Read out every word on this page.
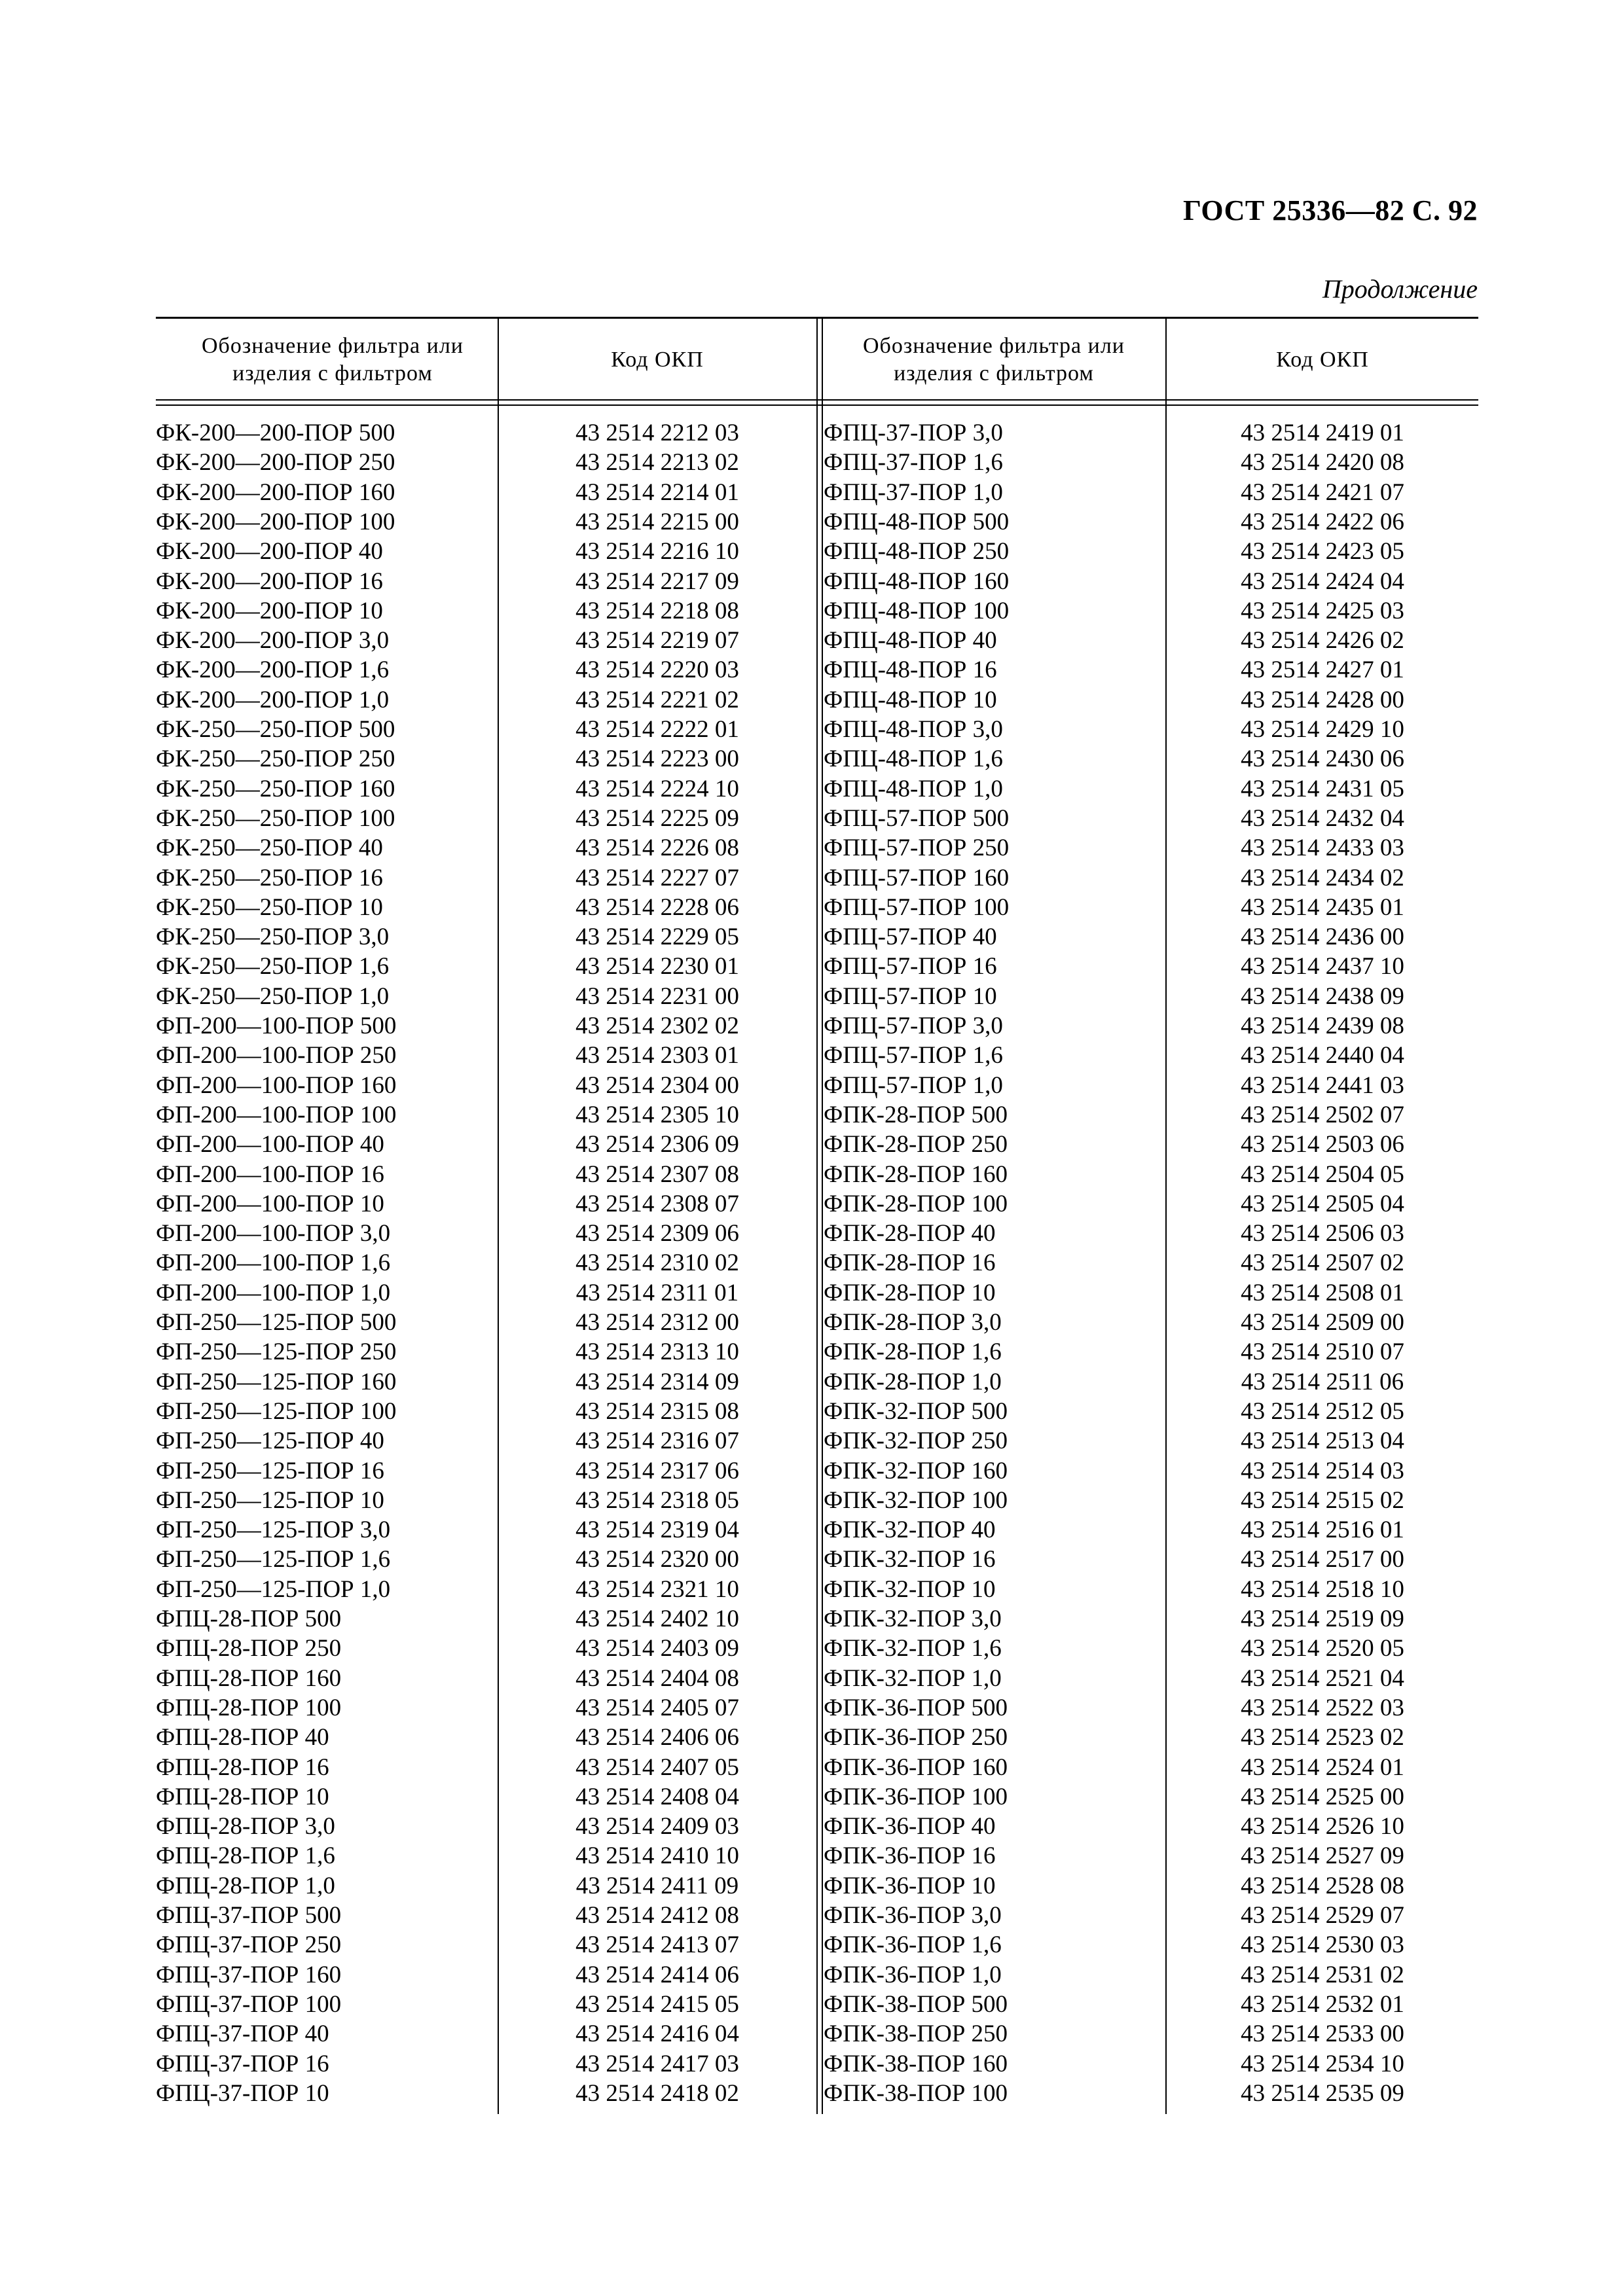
ГОСТ 25336—82 С. 92
Продолжение
Обозначение фильтра или изделия с фильтром
Код ОКП
Обозначение фильтра или изделия с фильтром
Код ОКП
ФК-200—200-ПОР 500	43 2514 2212 03	ФПЦ-37-ПОР 3,0	43 2514 2419 01
ФК-200—200-ПОР 250	43 2514 2213 02	ФПЦ-37-ПОР 1,6	43 2514 2420 08
ФК-200—200-ПОР 160	43 2514 2214 01	ФПЦ-37-ПОР 1,0	43 2514 2421 07
ФК-200—200-ПОР 100	43 2514 2215 00	ФПЦ-48-ПОР 500	43 2514 2422 06
ФК-200—200-ПОР 40	43 2514 2216 10	ФПЦ-48-ПОР 250	43 2514 2423 05
ФК-200—200-ПОР 16	43 2514 2217 09	ФПЦ-48-ПОР 160	43 2514 2424 04
ФК-200—200-ПОР 10	43 2514 2218 08	ФПЦ-48-ПОР 100	43 2514 2425 03
ФК-200—200-ПОР 3,0	43 2514 2219 07	ФПЦ-48-ПОР 40	43 2514 2426 02
ФК-200—200-ПОР 1,6	43 2514 2220 03	ФПЦ-48-ПОР 16	43 2514 2427 01
ФК-200—200-ПОР 1,0	43 2514 2221 02	ФПЦ-48-ПОР 10	43 2514 2428 00
ФК-250—250-ПОР 500	43 2514 2222 01	ФПЦ-48-ПОР 3,0	43 2514 2429 10
ФК-250—250-ПОР 250	43 2514 2223 00	ФПЦ-48-ПОР 1,6	43 2514 2430 06
ФК-250—250-ПОР 160	43 2514 2224 10	ФПЦ-48-ПОР 1,0	43 2514 2431 05
ФК-250—250-ПОР 100	43 2514 2225 09	ФПЦ-57-ПОР 500	43 2514 2432 04
ФК-250—250-ПОР 40	43 2514 2226 08	ФПЦ-57-ПОР 250	43 2514 2433 03
ФК-250—250-ПОР 16	43 2514 2227 07	ФПЦ-57-ПОР 160	43 2514 2434 02
ФК-250—250-ПОР 10	43 2514 2228 06	ФПЦ-57-ПОР 100	43 2514 2435 01
ФК-250—250-ПОР 3,0	43 2514 2229 05	ФПЦ-57-ПОР 40	43 2514 2436 00
ФК-250—250-ПОР 1,6	43 2514 2230 01	ФПЦ-57-ПОР 16	43 2514 2437 10
ФК-250—250-ПОР 1,0	43 2514 2231 00	ФПЦ-57-ПОР 10	43 2514 2438 09
ФП-200—100-ПОР 500	43 2514 2302 02	ФПЦ-57-ПОР 3,0	43 2514 2439 08
ФП-200—100-ПОР 250	43 2514 2303 01	ФПЦ-57-ПОР 1,6	43 2514 2440 04
ФП-200—100-ПОР 160	43 2514 2304 00	ФПЦ-57-ПОР 1,0	43 2514 2441 03
ФП-200—100-ПОР 100	43 2514 2305 10	ФПК-28-ПОР 500	43 2514 2502 07
ФП-200—100-ПОР 40	43 2514 2306 09	ФПК-28-ПОР 250	43 2514 2503 06
ФП-200—100-ПОР 16	43 2514 2307 08	ФПК-28-ПОР 160	43 2514 2504 05
ФП-200—100-ПОР 10	43 2514 2308 07	ФПК-28-ПОР 100	43 2514 2505 04
ФП-200—100-ПОР 3,0	43 2514 2309 06	ФПК-28-ПОР 40	43 2514 2506 03
ФП-200—100-ПОР 1,6	43 2514 2310 02	ФПК-28-ПОР 16	43 2514 2507 02
ФП-200—100-ПОР 1,0	43 2514 2311 01	ФПК-28-ПОР 10	43 2514 2508 01
ФП-250—125-ПОР 500	43 2514 2312 00	ФПК-28-ПОР 3,0	43 2514 2509 00
ФП-250—125-ПОР 250	43 2514 2313 10	ФПК-28-ПОР 1,6	43 2514 2510 07
ФП-250—125-ПОР 160	43 2514 2314 09	ФПК-28-ПОР 1,0	43 2514 2511 06
ФП-250—125-ПОР 100	43 2514 2315 08	ФПК-32-ПОР 500	43 2514 2512 05
ФП-250—125-ПОР 40	43 2514 2316 07	ФПК-32-ПОР 250	43 2514 2513 04
ФП-250—125-ПОР 16	43 2514 2317 06	ФПК-32-ПОР 160	43 2514 2514 03
ФП-250—125-ПОР 10	43 2514 2318 05	ФПК-32-ПОР 100	43 2514 2515 02
ФП-250—125-ПОР 3,0	43 2514 2319 04	ФПК-32-ПОР 40	43 2514 2516 01
ФП-250—125-ПОР 1,6	43 2514 2320 00	ФПК-32-ПОР 16	43 2514 2517 00
ФП-250—125-ПОР 1,0	43 2514 2321 10	ФПК-32-ПОР 10	43 2514 2518 10
ФПЦ-28-ПОР 500	43 2514 2402 10	ФПК-32-ПОР 3,0	43 2514 2519 09
ФПЦ-28-ПОР 250	43 2514 2403 09	ФПК-32-ПОР 1,6	43 2514 2520 05
ФПЦ-28-ПОР 160	43 2514 2404 08	ФПК-32-ПОР 1,0	43 2514 2521 04
ФПЦ-28-ПОР 100	43 2514 2405 07	ФПК-36-ПОР 500	43 2514 2522 03
ФПЦ-28-ПОР 40	43 2514 2406 06	ФПК-36-ПОР 250	43 2514 2523 02
ФПЦ-28-ПОР 16	43 2514 2407 05	ФПК-36-ПОР 160	43 2514 2524 01
ФПЦ-28-ПОР 10	43 2514 2408 04	ФПК-36-ПОР 100	43 2514 2525 00
ФПЦ-28-ПОР 3,0	43 2514 2409 03	ФПК-36-ПОР 40	43 2514 2526 10
ФПЦ-28-ПОР 1,6	43 2514 2410 10	ФПК-36-ПОР 16	43 2514 2527 09
ФПЦ-28-ПОР 1,0	43 2514 2411 09	ФПК-36-ПОР 10	43 2514 2528 08
ФПЦ-37-ПОР 500	43 2514 2412 08	ФПК-36-ПОР 3,0	43 2514 2529 07
ФПЦ-37-ПОР 250	43 2514 2413 07	ФПК-36-ПОР 1,6	43 2514 2530 03
ФПЦ-37-ПОР 160	43 2514 2414 06	ФПК-36-ПОР 1,0	43 2514 2531 02
ФПЦ-37-ПОР 100	43 2514 2415 05	ФПК-38-ПОР 500	43 2514 2532 01
ФПЦ-37-ПОР 40	43 2514 2416 04	ФПК-38-ПОР 250	43 2514 2533 00
ФПЦ-37-ПОР 16	43 2514 2417 03	ФПК-38-ПОР 160	43 2514 2534 10
ФПЦ-37-ПОР 10	43 2514 2418 02	ФПК-38-ПОР 100	43 2514 2535 09
